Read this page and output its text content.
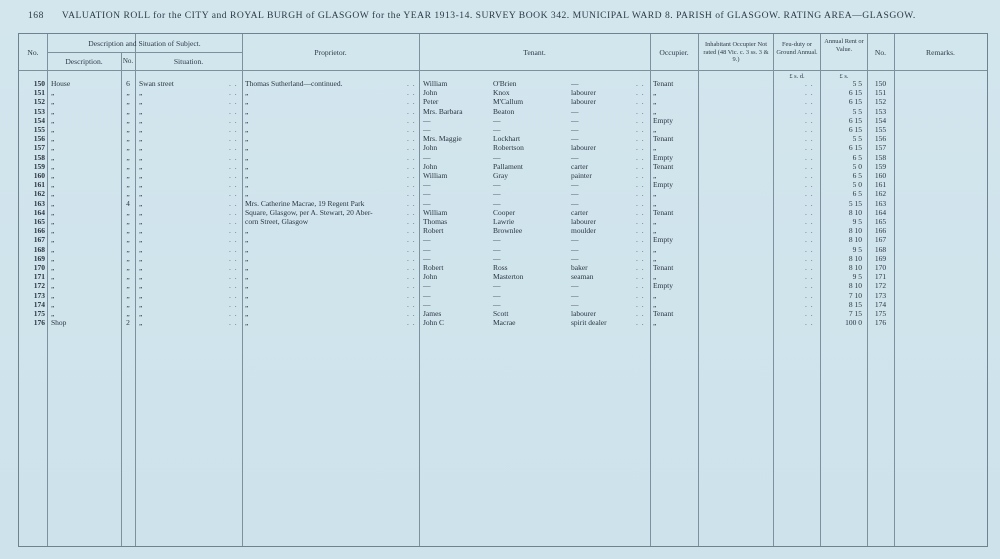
168 VALUATION ROLL for the CITY and ROYAL BURGH of GLASGOW for the YEAR 1913-14. SURVEY BOOK 342. MUNICIPAL WARD 8. PARISH of GLASGOW. RATING AREA—GLASGOW.
No.
Description and Situation of Subject.
Description.	No.	Situation.
Proprietor.	Tenant.	Occupier.
Inhabitant Occupier Not rated (48 Vic. c. 3 ss. 3 & 9.)
Feu-duty or Ground Annual.
Annual Rent or Value.	No.	Remarks.
£ s. d.	£ s.
150 House	6	Swan street	Thomas Sutherland—continued.	William	O'Brien	—	Tenant	5 5	150
. .	. .	. .	. .
151 „	„	„	„	John	Knox	labourer	„	6 15	151
. .	. .	. .	. .
152 „	„	„	„	Peter	M'Callum	labourer	„	6 15	152
. .	. .	. .	. .
153 „	„	„	„	Mrs. Barbara	Beaton	—	„	5 5	153
. .	. .	. .	. .
154 „	„	„	„	—	—	—	Empty	6 15	154
. .	. .	. .	. .
155 „	„	„	„	—	—	—	„	6 15	155
. .	. .	. .	. .
156 „	„	„	„	Mrs. Maggie	Lockhart	—	Tenant	5 5	156
. .	. .	. .	. .
157 „	„	„	„	John	Robertson	labourer	„	6 15	157
. .	. .	. .	. .
158 „	„	„	„	—	—	—	Empty	6 5	158
. .	. .	. .	. .
159 „	„	„	„	John	Pallament	carter	Tenant	5 0	159
. .	. .	. .	. .
160 „	„	„	„	William	Gray	painter	„	6 5	160
. .	. .	. .	. .
161 „	„	„	„	—	—	—	Empty	5 0	161
. .	. .	. .	. .
162 „	„	„	„	—	—	—	„	6 5	162
. .	. .	. .	. .
163 „	4	„	Mrs. Catherine Macrae, 19 Regent Park	—	—	—	„	5 15	163
. .	. .	. .	. .
164 „	„	„	Square, Glasgow, per A. Stewart, 20 Aber-	William	Cooper	carter	Tenant	8 10	164
. .	. .	. .	. .
165 „	„	„	corn Street, Glasgow	Thomas	Lawrie	labourer	„	9 5	165
. .	. .	. .	. .
166 „	„	„	„	Robert	Brownlee	moulder	„	8 10	166
. .	. .	. .	. .
167 „	„	„	„	—	—	—	Empty	8 10	167
. .	. .	. .	. .
168 „	„	„	„	—	—	—	„	9 5	168
. .	. .	. .	. .
169 „	„	„	„	—	—	—	„	8 10	169
. .	. .	. .	. .
170 „	„	„	„	Robert	Ross	baker	Tenant	8 10	170
. .	. .	. .	. .
171 „	„	„	„	John	Masterton	seaman	„	9 5	171
. .	. .	. .	. .
172 „	„	„	„	—	—	—	Empty	8 10	172
. .	. .	. .	. .
173 „	„	„	„	—	—	—	„	7 10	173
. .	. .	. .	. .
174 „	„	„	„	—	—	—	„	8 15	174
. .	. .	. .	. .
175 „	„	„	„	James	Scott	labourer	Tenant	7 15	175
. .	. .	. .	. .
176 Shop	2	„	„	John C	Macrae	spirit dealer	„	100 0	176
. .	. .	. .	. .
